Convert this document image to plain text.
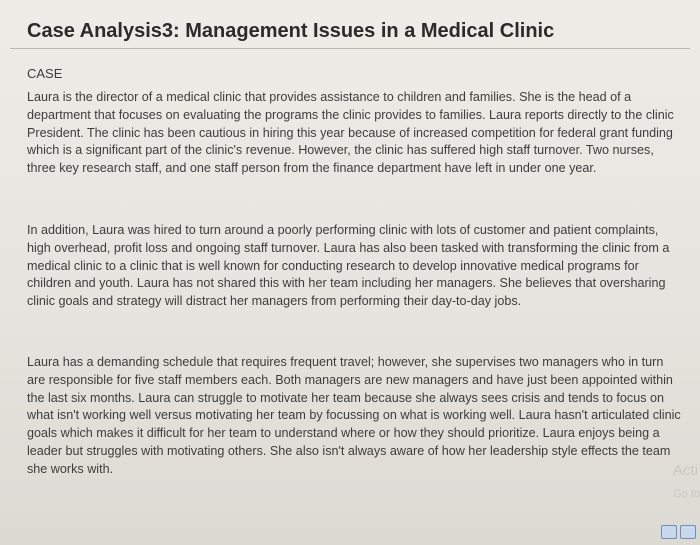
Case Analysis3: Management Issues in a Medical Clinic
CASE

Laura is the director of a medical clinic that provides assistance to children and families. She is the head of a department that focuses on evaluating the programs the clinic provides to families. Laura reports directly to the clinic President. The clinic has been cautious in hiring this year because of increased competition for federal grant funding which is a significant part of the clinic's revenue. However, the clinic has suffered high staff turnover. Two nurses, three key research staff, and one staff person from the finance department have left in under one year.

In addition, Laura was hired to turn around a poorly performing clinic with lots of customer and patient complaints, high overhead, profit loss and ongoing staff turnover. Laura has also been tasked with transforming the clinic from a medical clinic to a clinic that is well known for conducting research to develop innovative medical programs for children and youth. Laura has not shared this with her team including her managers. She believes that oversharing clinic goals and strategy will distract her managers from performing their day-to-day jobs.

Laura has a demanding schedule that requires frequent travel; however, she supervises two managers who in turn are responsible for five staff members each. Both managers are new managers and have just been appointed within the last six months. Laura can struggle to motivate her team because she always sees crisis and tends to focus on what isn't working well versus motivating her team by focussing on what is working well. Laura hasn't articulated clinic goals which makes it difficult for her team to understand where or how they should prioritize. Laura enjoys being a leader but struggles with motivating others. She also isn't always aware of how her leadership style effects the team she works with.	Acti
Go to
